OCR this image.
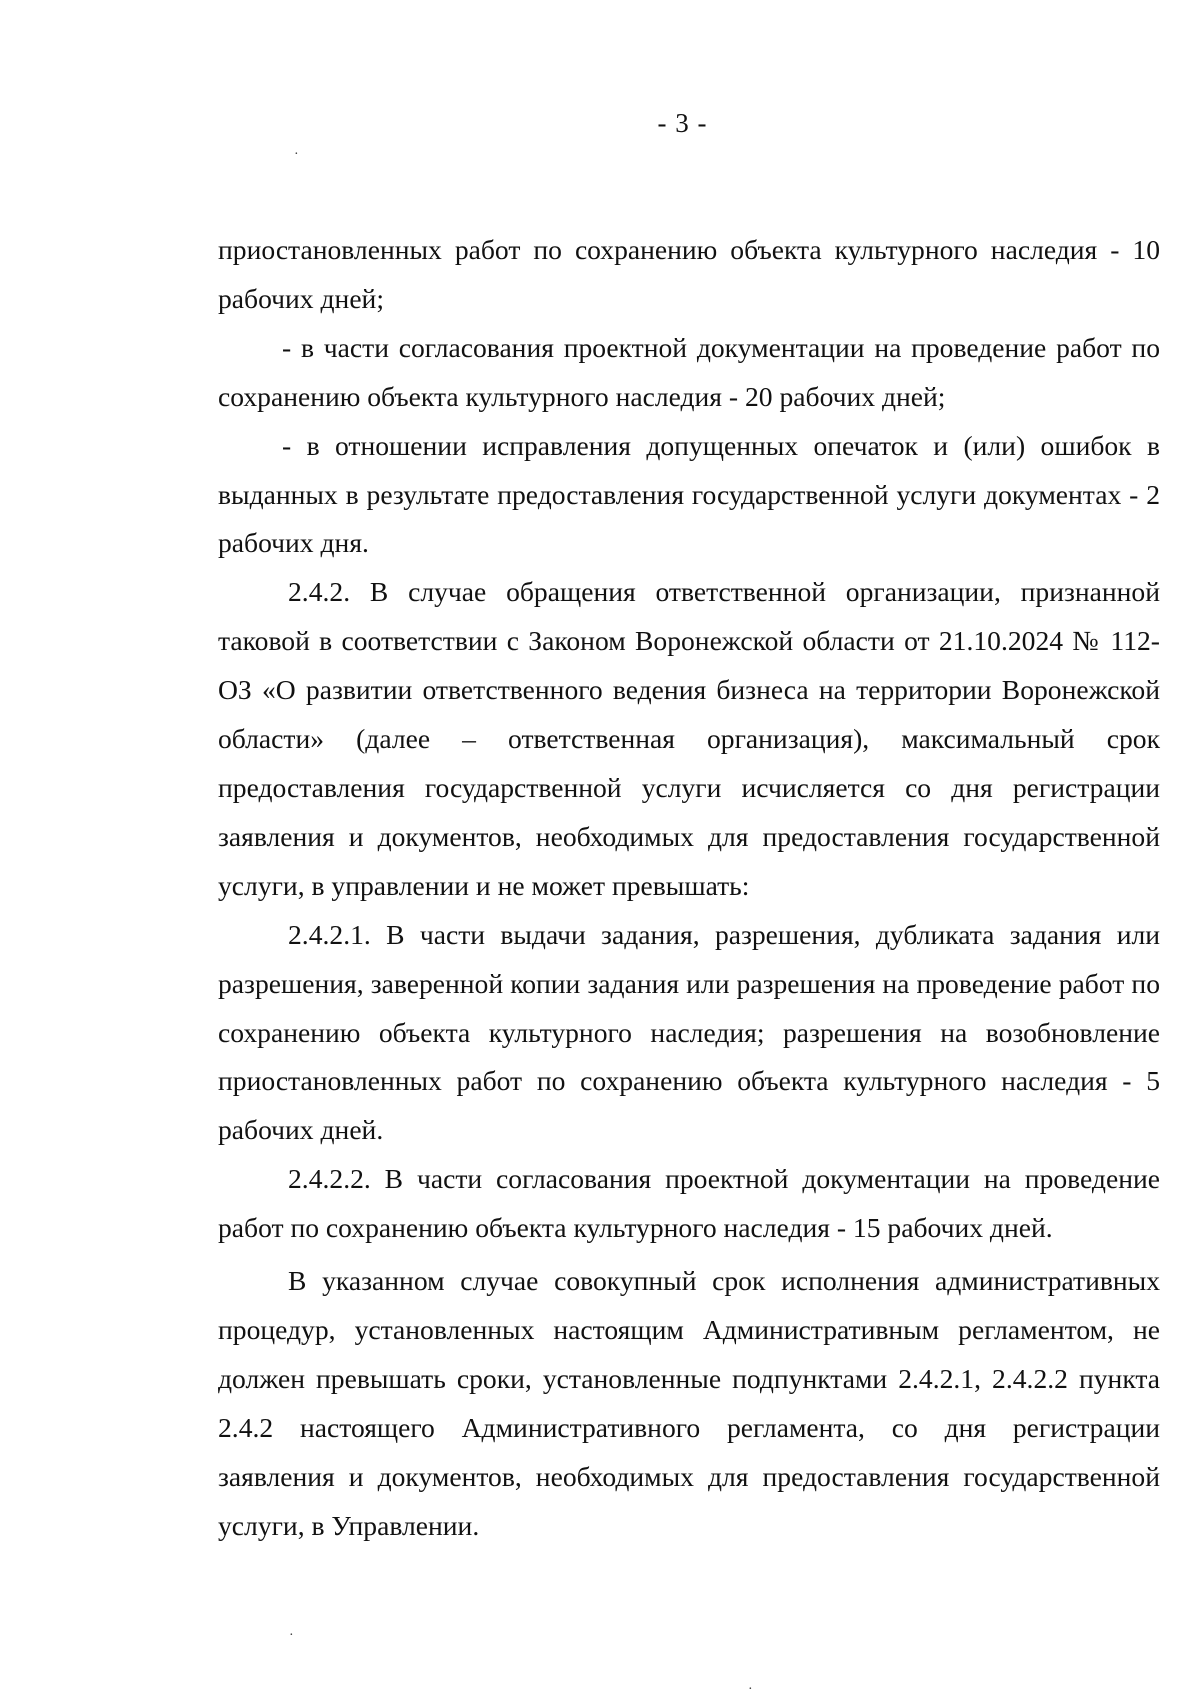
- 3 -

приостановленных работ по сохранению объекта культурного наследия - 10 рабочих дней;

- в части согласования проектной документации на проведение работ по сохранению объекта культурного наследия - 20 рабочих дней;

- в отношении исправления допущенных опечаток и (или) ошибок в выданных в результате предоставления государственной услуги документах - 2 рабочих дня.

2.4.2. В случае обращения ответственной организации, признанной таковой в соответствии с Законом Воронежской области от 21.10.2024 № 112-ОЗ «О развитии ответственного ведения бизнеса на территории Воронежской области» (далее – ответственная организация), максимальный срок предоставления государственной услуги исчисляется со дня регистрации заявления и документов, необходимых для предоставления государственной услуги, в управлении и не может превышать:

2.4.2.1. В части выдачи задания, разрешения, дубликата задания или разрешения, заверенной копии задания или разрешения на проведение работ по сохранению объекта культурного наследия; разрешения на возобновление приостановленных работ по сохранению объекта культурного наследия - 5 рабочих дней.

2.4.2.2. В части согласования проектной документации на проведение работ по сохранению объекта культурного наследия - 15 рабочих дней.

В указанном случае совокупный срок исполнения административных процедур, установленных настоящим Административным регламентом, не должен превышать сроки, установленные подпунктами 2.4.2.1, 2.4.2.2 пункта 2.4.2 настоящего Административного регламента, со дня регистрации заявления и документов, необходимых для предоставления государственной услуги, в Управлении.

·
·
·
